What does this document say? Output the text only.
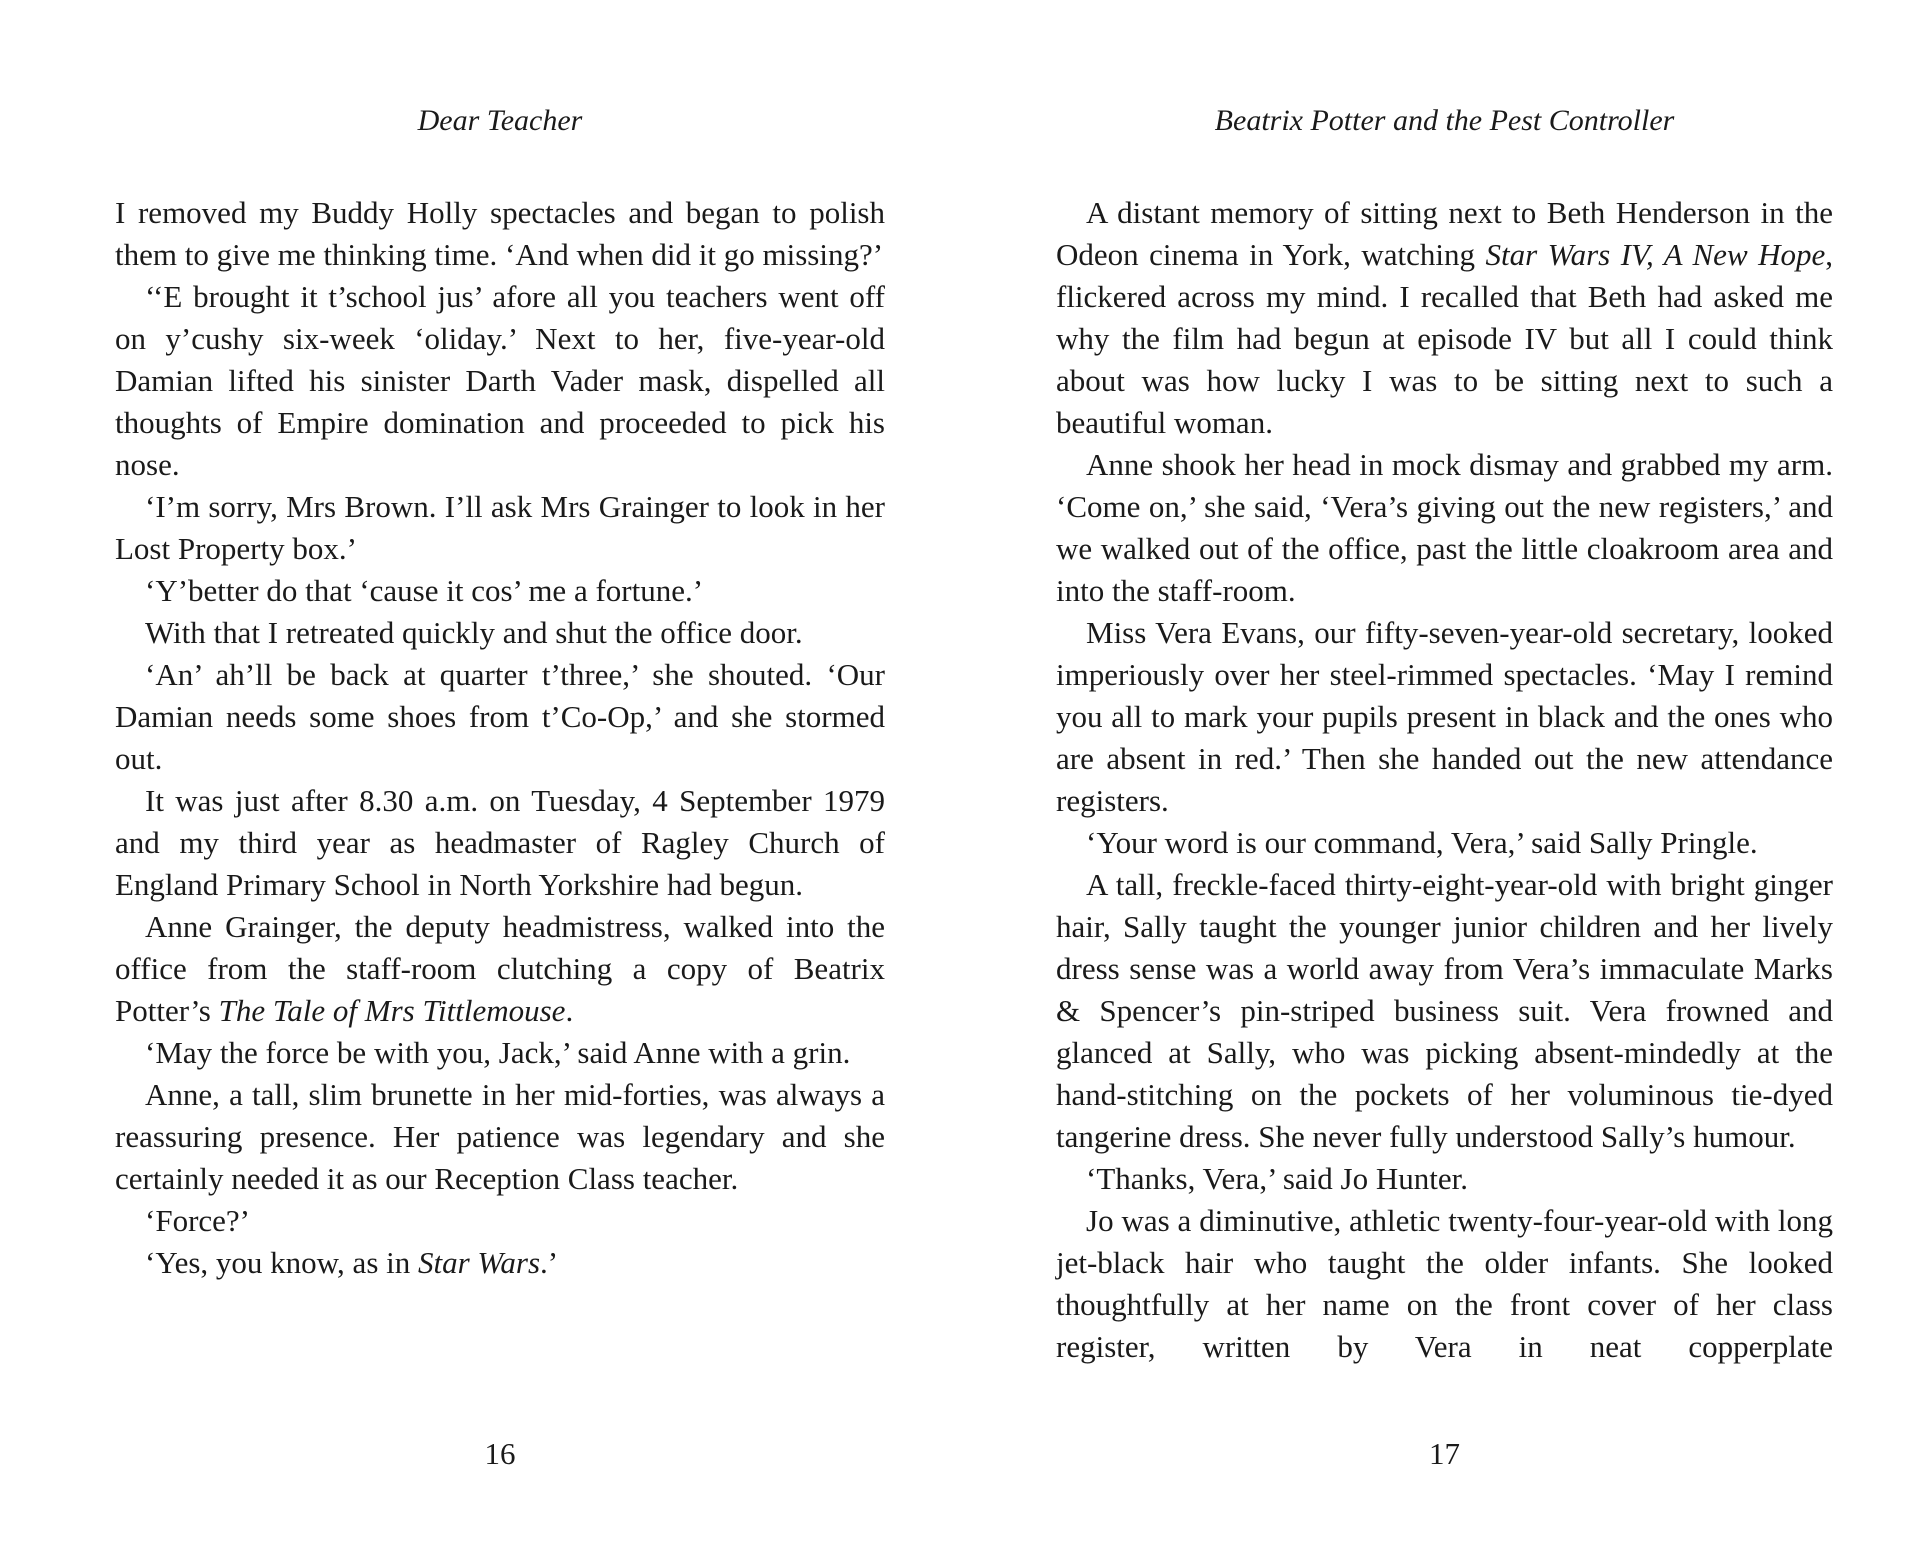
Dear Teacher

I removed my Buddy Holly spectacles and began to polish them to give me thinking time. ‘And when did it go missing?’

‘‘E brought it t’school jus’ afore all you teachers went off on y’cushy six-week ‘oliday.’ Next to her, five-year-old Damian lifted his sinister Darth Vader mask, dispelled all thoughts of Empire domination and proceeded to pick his nose.

‘I’m sorry, Mrs Brown. I’ll ask Mrs Grainger to look in her Lost Property box.’

‘Y’better do that ‘cause it cos’ me a fortune.’

With that I retreated quickly and shut the office door.

‘An’ ah’ll be back at quarter t’three,’ she shouted. ‘Our Damian needs some shoes from t’Co-Op,’ and she stormed out.

It was just after 8.30 a.m. on Tuesday, 4 September 1979 and my third year as headmaster of Ragley Church of England Primary School in North Yorkshire had begun.

Anne Grainger, the deputy headmistress, walked into the office from the staff-room clutching a copy of Beatrix Potter’s The Tale of Mrs Tittlemouse.

‘May the force be with you, Jack,’ said Anne with a grin.

Anne, a tall, slim brunette in her mid-forties, was always a reassuring presence. Her patience was legendary and she certainly needed it as our Reception Class teacher.

‘Force?’

‘Yes, you know, as in Star Wars.’

16
Beatrix Potter and the Pest Controller

A distant memory of sitting next to Beth Henderson in the Odeon cinema in York, watching Star Wars IV, A New Hope, flickered across my mind. I recalled that Beth had asked me why the film had begun at episode IV but all I could think about was how lucky I was to be sitting next to such a beautiful woman.

Anne shook her head in mock dismay and grabbed my arm. ‘Come on,’ she said, ‘Vera’s giving out the new registers,’ and we walked out of the office, past the little cloakroom area and into the staff-room.

Miss Vera Evans, our fifty-seven-year-old secretary, looked imperiously over her steel-rimmed spectacles. ‘May I remind you all to mark your pupils present in black and the ones who are absent in red.’ Then she handed out the new attendance registers.

‘Your word is our command, Vera,’ said Sally Pringle.

A tall, freckle-faced thirty-eight-year-old with bright ginger hair, Sally taught the younger junior children and her lively dress sense was a world away from Vera’s immaculate Marks & Spencer’s pin-striped business suit. Vera frowned and glanced at Sally, who was picking absent-mindedly at the hand-stitching on the pockets of her voluminous tie-dyed tangerine dress. She never fully understood Sally’s humour.

‘Thanks, Vera,’ said Jo Hunter.

Jo was a diminutive, athletic twenty-four-year-old with long jet-black hair who taught the older infants. She looked thoughtfully at her name on the front cover of her class register, written by Vera in neat copperplate

17
